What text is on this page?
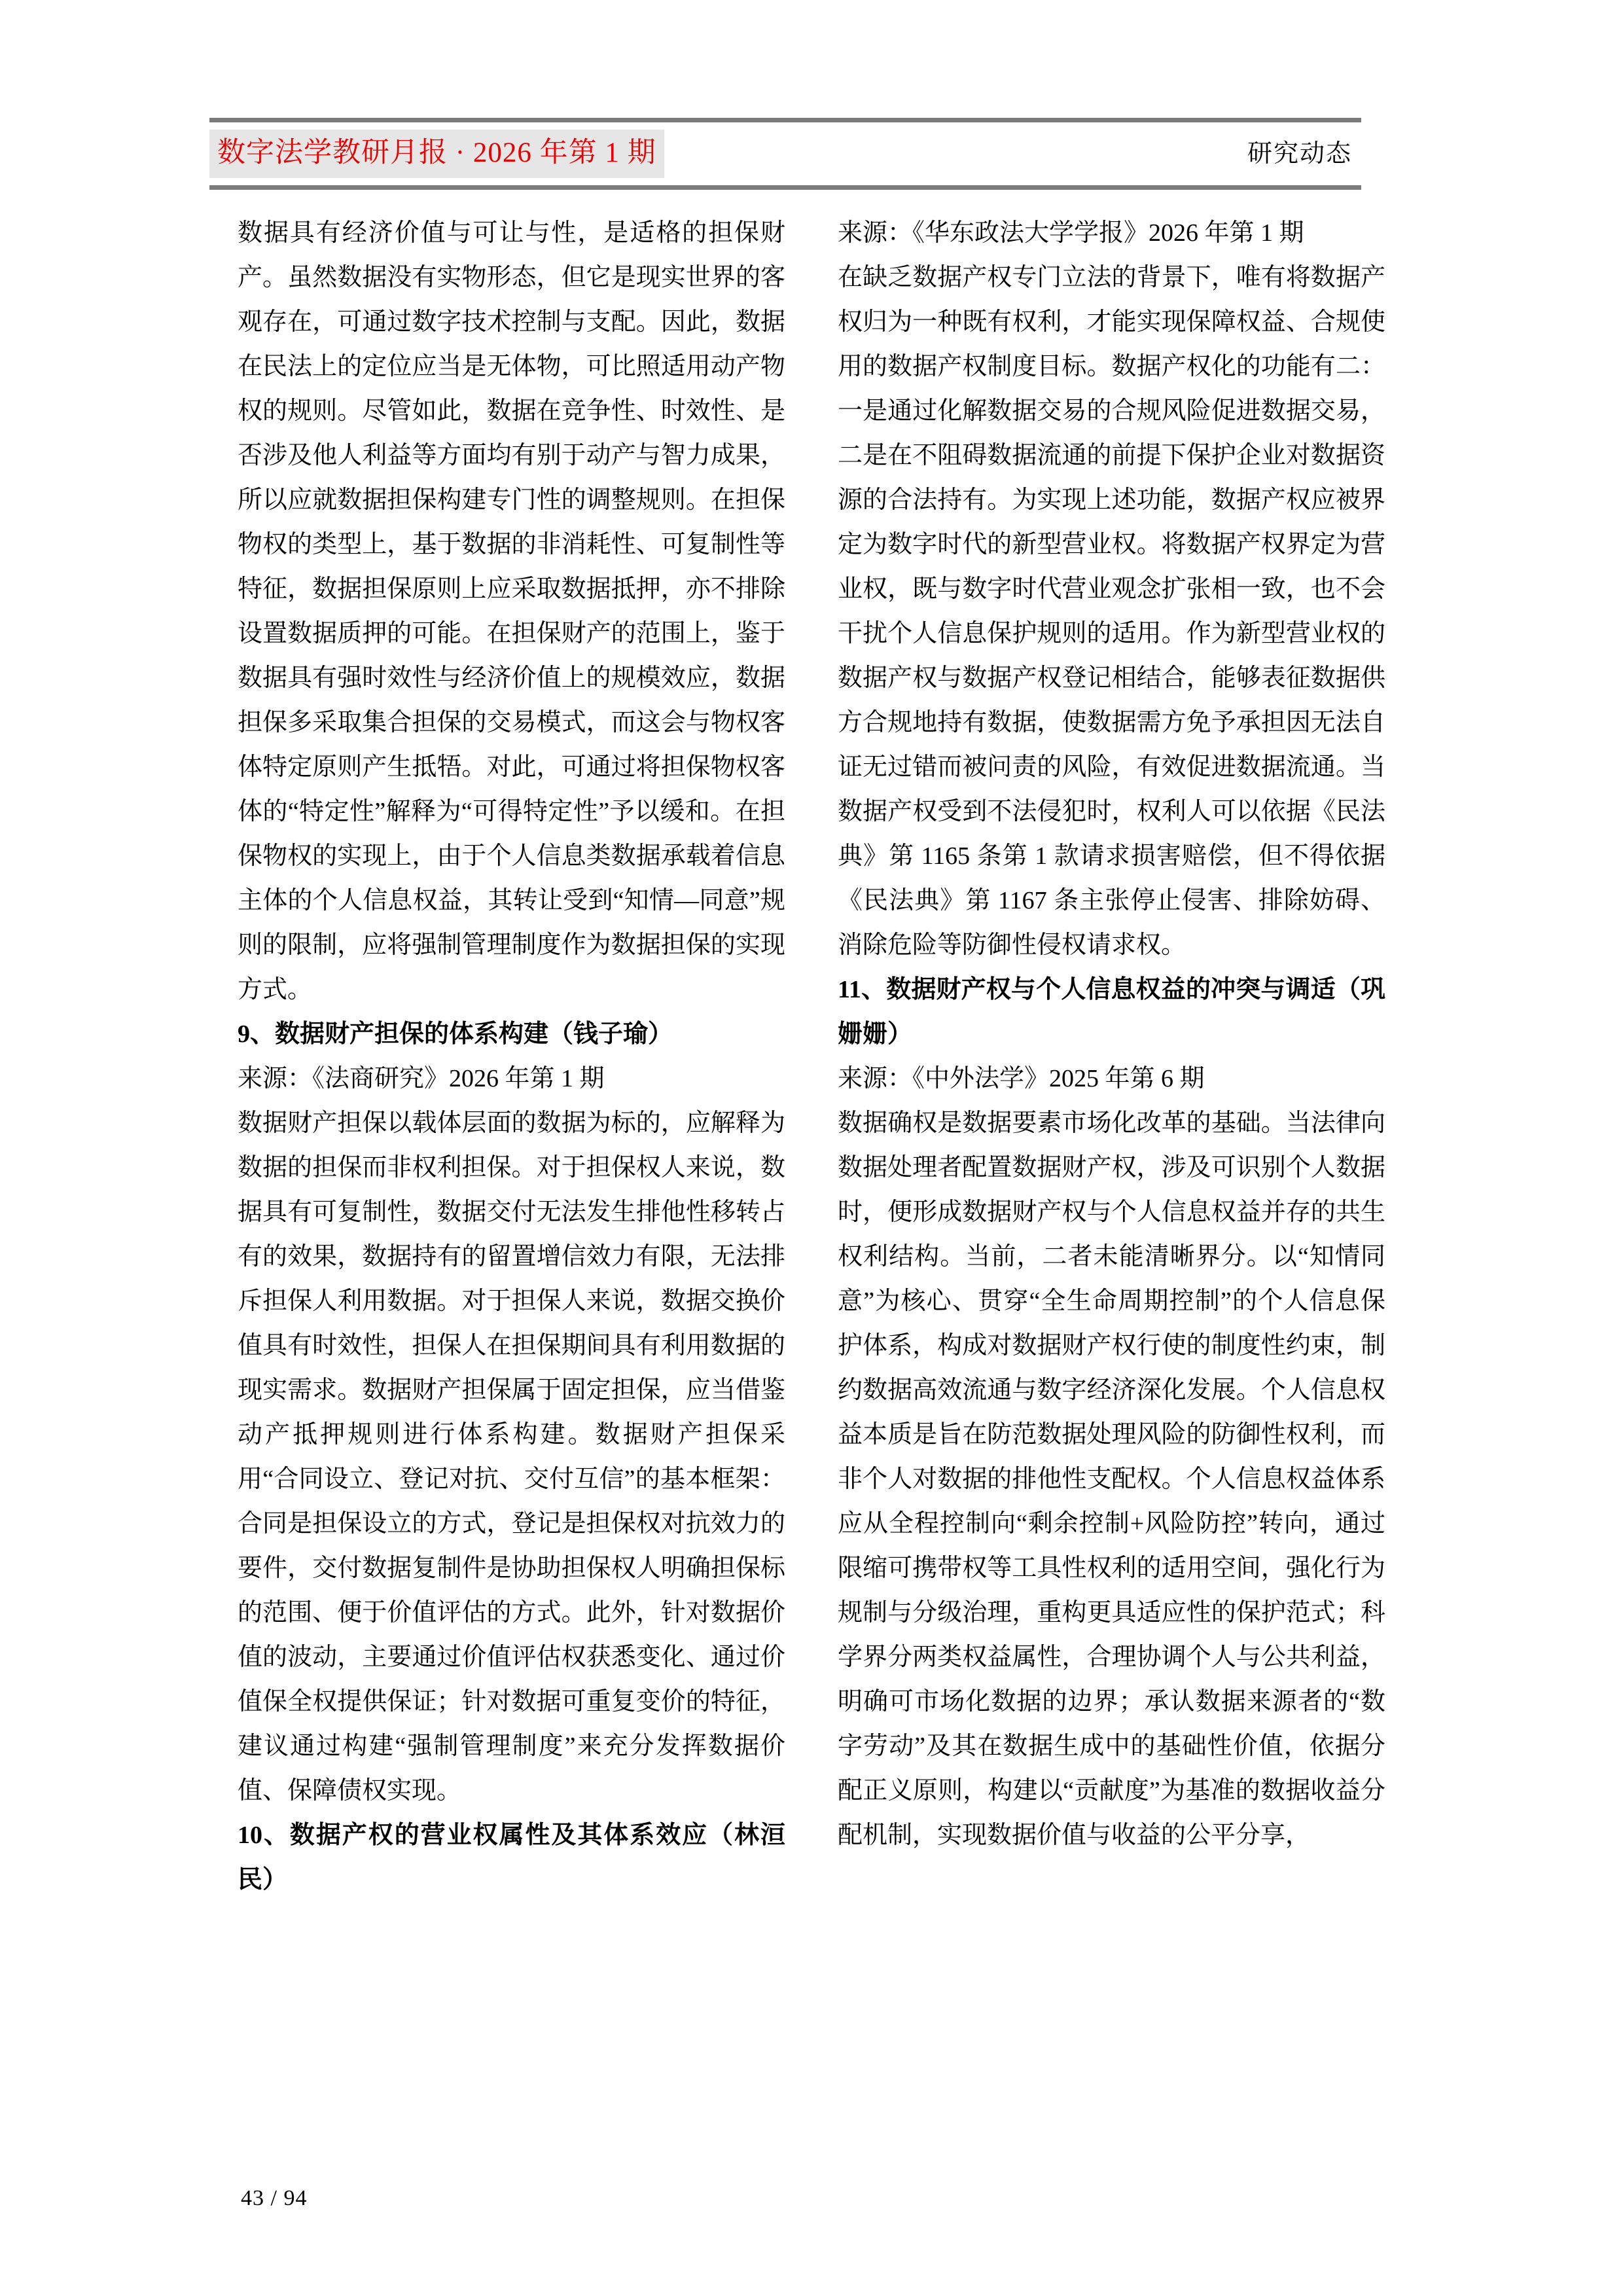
数字法学教研月报 · 2026 年第 1 期	研究动态

数据具有经济价值与可让与性，是适格的担保财产。虽然数据没有实物形态，但它是现实世界的客观存在，可通过数字技术控制与支配。因此，数据在民法上的定位应当是无体物，可比照适用动产物权的规则。尽管如此，数据在竞争性、时效性、是否涉及他人利益等方面均有别于动产与智力成果，所以应就数据担保构建专门性的调整规则。在担保物权的类型上，基于数据的非消耗性、可复制性等特征，数据担保原则上应采取数据抵押，亦不排除设置数据质押的可能。在担保财产的范围上，鉴于数据具有强时效性与经济价值上的规模效应，数据担保多采取集合担保的交易模式，而这会与物权客体特定原则产生抵牾。对此，可通过将担保物权客体的“特定性”解释为“可得特定性”予以缓和。在担保物权的实现上，由于个人信息类数据承载着信息主体的个人信息权益，其转让受到“知情—同意”规则的限制，应将强制管理制度作为数据担保的实现方式。

9、数据财产担保的体系构建（钱子瑜）

来源：《法商研究》2026 年第 1 期

数据财产担保以载体层面的数据为标的，应解释为数据的担保而非权利担保。对于担保权人来说，数据具有可复制性，数据交付无法发生排他性移转占有的效果，数据持有的留置增信效力有限，无法排斥担保人利用数据。对于担保人来说，数据交换价值具有时效性，担保人在担保期间具有利用数据的现实需求。数据财产担保属于固定担保，应当借鉴动产抵押规则进行体系构建。数据财产担保采用“合同设立、登记对抗、交付互信”的基本框架：合同是担保设立的方式，登记是担保权对抗效力的要件，交付数据复制件是协助担保权人明确担保标的范围、便于价值评估的方式。此外，针对数据价值的波动，主要通过价值评估权获悉变化、通过价值保全权提供保证；针对数据可重复变价的特征，建议通过构建“强制管理制度”来充分发挥数据价值、保障债权实现。

10、数据产权的营业权属性及其体系效应（林洹民）

来源：《华东政法大学学报》2026 年第 1 期

在缺乏数据产权专门立法的背景下，唯有将数据产权归为一种既有权利，才能实现保障权益、合规使用的数据产权制度目标。数据产权化的功能有二：一是通过化解数据交易的合规风险促进数据交易，二是在不阻碍数据流通的前提下保护企业对数据资源的合法持有。为实现上述功能，数据产权应被界定为数字时代的新型营业权。将数据产权界定为营业权，既与数字时代营业观念扩张相一致，也不会干扰个人信息保护规则的适用。作为新型营业权的数据产权与数据产权登记相结合，能够表征数据供方合规地持有数据，使数据需方免予承担因无法自证无过错而被问责的风险，有效促进数据流通。当数据产权受到不法侵犯时，权利人可以依据《民法典》第 1165 条第 1 款请求损害赔偿，但不得依据《民法典》第 1167 条主张停止侵害、排除妨碍、消除危险等防御性侵权请求权。

11、数据财产权与个人信息权益的冲突与调适（巩姗姗）

来源：《中外法学》2025 年第 6 期

数据确权是数据要素市场化改革的基础。当法律向数据处理者配置数据财产权，涉及可识别个人数据时，便形成数据财产权与个人信息权益并存的共生权利结构。当前，二者未能清晰界分。以“知情同意”为核心、贯穿“全生命周期控制”的个人信息保护体系，构成对数据财产权行使的制度性约束，制约数据高效流通与数字经济深化发展。个人信息权益本质是旨在防范数据处理风险的防御性权利，而非个人对数据的排他性支配权。个人信息权益体系应从全程控制向“剩余控制+风险防控”转向，通过限缩可携带权等工具性权利的适用空间，强化行为规制与分级治理，重构更具适应性的保护范式；科学界分两类权益属性，合理协调个人与公共利益，明确可市场化数据的边界；承认数据来源者的“数字劳动”及其在数据生成中的基础性价值，依据分配正义原则，构建以“贡献度”为基准的数据收益分配机制，实现数据价值与收益的公平分享，

43 / 94
